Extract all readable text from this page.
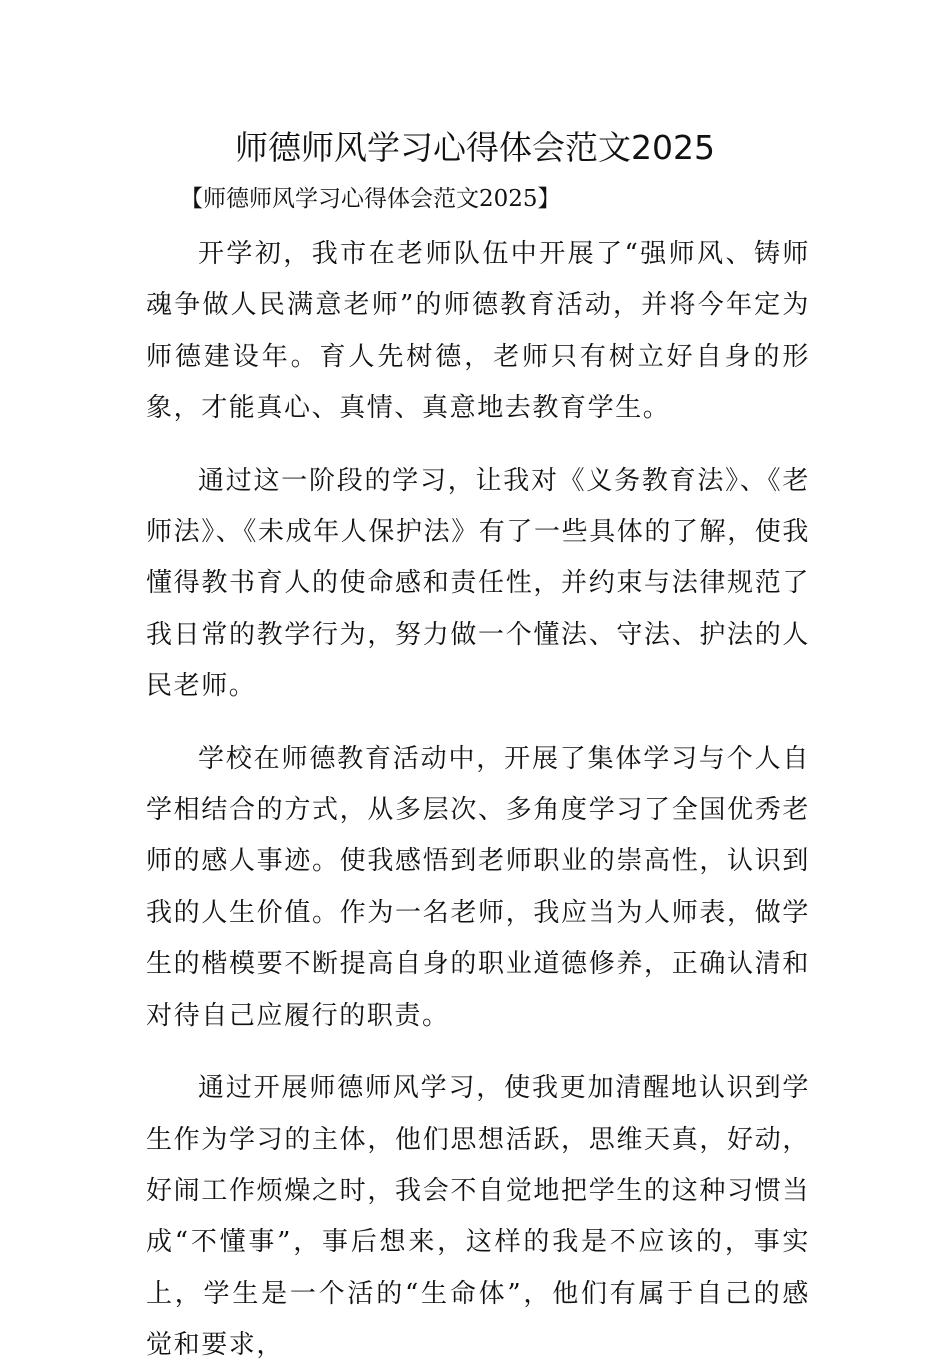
师德师风学习心得体会范文2025

【师德师风学习心得体会范文2025】

开学初，我市在老师队伍中开展了“强师风、铸师魂争做人民满意老师”的师德教育活动，并将今年定为师德建设年。育人先树德，老师只有树立好自身的形象，才能真心、真情、真意地去教育学生。

通过这一阶段的学习，让我对《义务教育法》、《老师法》、《未成年人保护法》有了一些具体的了解，使我懂得教书育人的使命感和责任性，并约束与法律规范了我日常的教学行为，努力做一个懂法、守法、护法的人民老师。

学校在师德教育活动中，开展了集体学习与个人自学相结合的方式，从多层次、多角度学习了全国优秀老师的感人事迹。使我感悟到老师职业的崇高性，认识到我的人生价值。作为一名老师，我应当为人师表，做学生的楷模要不断提高自身的职业道德修养，正确认清和对待自己应履行的职责。

通过开展师德师风学习，使我更加清醒地认识到学生作为学习的主体，他们思想活跃，思维天真，好动，好闹工作烦燥之时，我会不自觉地把学生的这种习惯当成“不懂事”，事后想来，这样的我是不应该的，事实上，学生是一个活的“生命体”，他们有属于自己的感觉和要求，
